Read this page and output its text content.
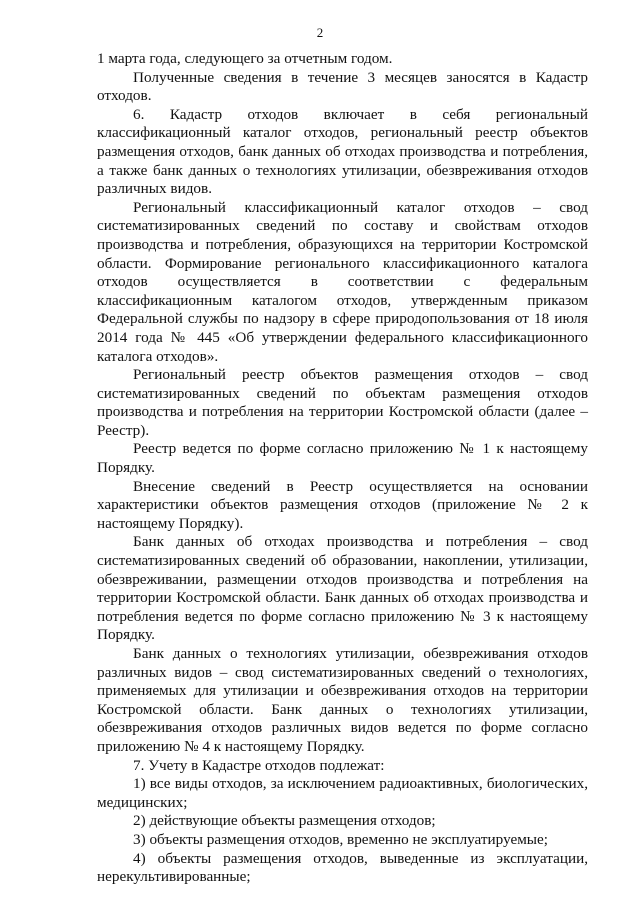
2

1 марта года, следующего за отчетным годом.

Полученные сведения в течение 3 месяцев заносятся в Кадастр отходов.

6. Кадастр отходов включает в себя региональный классификационный каталог отходов, региональный реестр объектов размещения отходов, банк данных об отходах производства и потребления, а также банк данных о технологиях утилизации, обезвреживания отходов различных видов.

Региональный классификационный каталог отходов – свод систематизированных сведений по составу и свойствам отходов производства и потребления, образующихся на территории Костромской области. Формирование регионального классификационного каталога отходов осуществляется в соответствии с федеральным классификационным каталогом отходов, утвержденным приказом Федеральной службы по надзору в сфере природопользования от 18 июля 2014 года № 445 «Об утверждении федерального классификационного каталога отходов».

Региональный реестр объектов размещения отходов – свод систематизированных сведений по объектам размещения отходов производства и потребления на территории Костромской области (далее – Реестр).

Реестр ведется по форме согласно приложению № 1 к настоящему Порядку.

Внесение сведений в Реестр осуществляется на основании характеристики объектов размещения отходов (приложение № 2 к настоящему Порядку).

Банк данных об отходах производства и потребления – свод систематизированных сведений об образовании, накоплении, утилизации, обезвреживании, размещении отходов производства и потребления на территории Костромской области. Банк данных об отходах производства и потребления ведется по форме согласно приложению № 3 к настоящему Порядку.

Банк данных о технологиях утилизации, обезвреживания отходов различных видов – свод систематизированных сведений о технологиях, применяемых для утилизации и обезвреживания отходов на территории Костромской области. Банк данных о технологиях утилизации, обезвреживания отходов различных видов ведется по форме согласно приложению № 4 к настоящему Порядку.

7. Учету в Кадастре отходов подлежат:

1) все виды отходов, за исключением радиоактивных, биологических, медицинских;

2) действующие объекты размещения отходов;

3) объекты размещения отходов, временно не эксплуатируемые;

4) объекты размещения отходов, выведенные из эксплуатации, нерекультивированные;
